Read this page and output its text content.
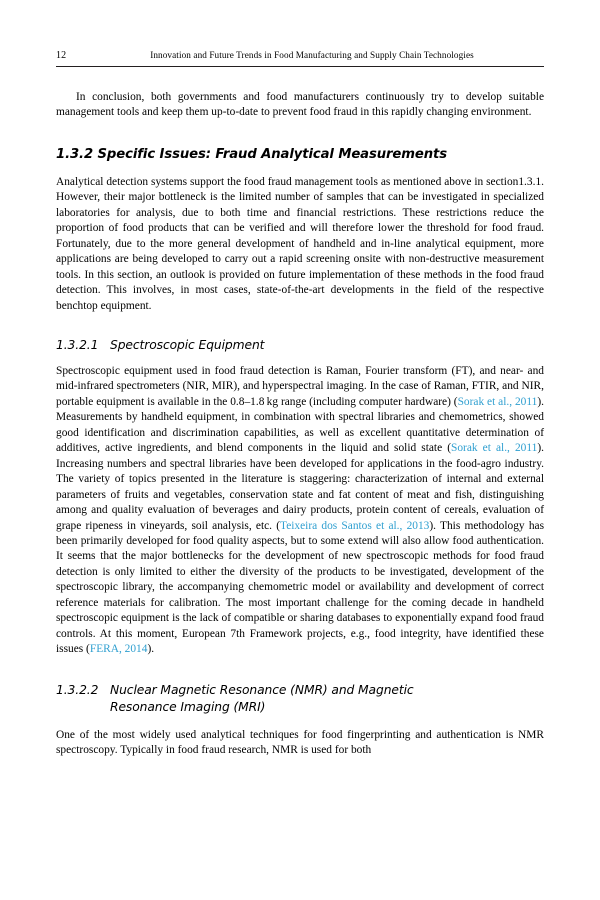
12	Innovation and Future Trends in Food Manufacturing and Supply Chain Technologies

In conclusion, both governments and food manufacturers continuously try to develop suitable management tools and keep them up-to-date to prevent food fraud in this rapidly changing environment.

1.3.2 Specific Issues: Fraud Analytical Measurements

Analytical detection systems support the food fraud management tools as mentioned above in section1.3.1. However, their major bottleneck is the limited number of samples that can be investigated in specialized laboratories for analysis, due to both time and financial restrictions. These restrictions reduce the proportion of food products that can be verified and will therefore lower the threshold for food fraud. Fortunately, due to the more general development of handheld and in-line analytical equipment, more applications are being developed to carry out a rapid screening onsite with non-destructive measurement tools. In this section, an outlook is provided on future implementation of these methods in the food fraud detection. This involves, in most cases, state-of-the-art developments in the field of the respective benchtop equipment.

1.3.2.1 Spectroscopic Equipment

Spectroscopic equipment used in food fraud detection is Raman, Fourier transform (FT), and near- and mid-infrared spectrometers (NIR, MIR), and hyperspectral imaging. In the case of Raman, FTIR, and NIR, portable equipment is available in the 0.8–1.8 kg range (including computer hardware) (Sorak et al., 2011). Measurements by handheld equipment, in combination with spectral libraries and chemometrics, showed good identification and discrimination capabilities, as well as excellent quantitative determination of additives, active ingredients, and blend components in the liquid and solid state (Sorak et al., 2011). Increasing numbers and spectral libraries have been developed for applications in the food-agro industry. The variety of topics presented in the literature is staggering: characterization of internal and external parameters of fruits and vegetables, conservation state and fat content of meat and fish, distinguishing among and quality evaluation of beverages and dairy products, protein content of cereals, evaluation of grape ripeness in vineyards, soil analysis, etc. (Teixeira dos Santos et al., 2013). This methodology has been primarily developed for food quality aspects, but to some extend will also allow food authentication. It seems that the major bottlenecks for the development of new spectroscopic methods for food fraud detection is only limited to either the diversity of the products to be investigated, development of the spectroscopic library, the accompanying chemometric model or availability and development of correct reference materials for calibration. The most important challenge for the coming decade in handheld spectroscopic equipment is the lack of compatible or sharing databases to exponentially expand food fraud controls. At this moment, European 7th Framework projects, e.g., food integrity, have identified these issues (FERA, 2014).

1.3.2.2 Nuclear Magnetic Resonance (NMR) and Magnetic
Resonance Imaging (MRI)

One of the most widely used analytical techniques for food fingerprinting and authentication is NMR spectroscopy. Typically in food fraud research, NMR is used for both
